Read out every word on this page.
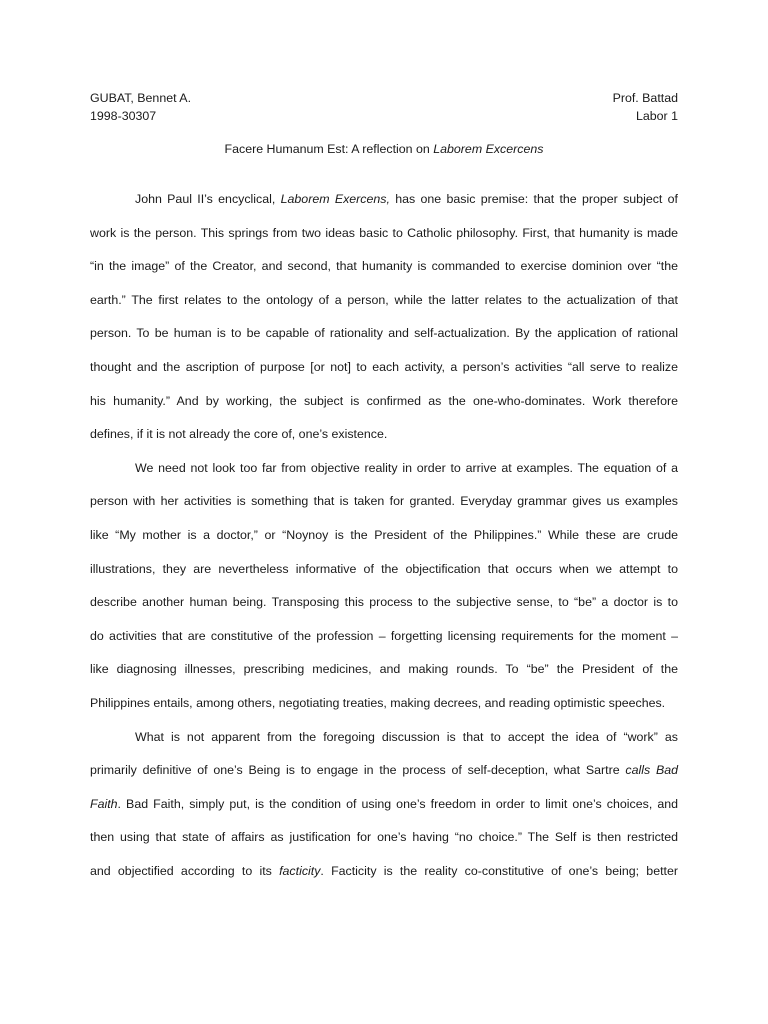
GUBAT, Bennet A.
1998-30307
Prof. Battad
Labor 1
Facere Humanum Est: A reflection on Laborem Excercens
John Paul II’s encyclical, Laborem Exercens, has one basic premise: that the proper subject of
work is the person. This springs from two ideas basic to Catholic philosophy. First, that humanity is made
“in the image” of the Creator, and second, that humanity is commanded to exercise dominion over “the
earth.” The first relates to the ontology of a person, while the latter relates to the actualization of that
person. To be human is to be capable of rationality and self-actualization. By the application of rational
thought and the ascription of purpose [or not] to each activity, a person’s activities “all serve to realize
his humanity.” And by working, the subject is confirmed as the one-who-dominates. Work therefore
defines, if it is not already the core of, one’s existence.
We need not look too far from objective reality in order to arrive at examples. The equation of a
person with her activities is something that is taken for granted. Everyday grammar gives us examples
like “My mother is a doctor,” or “Noynoy is the President of the Philippines.” While these are crude
illustrations, they are nevertheless informative of the objectification that occurs when we attempt to
describe another human being. Transposing this process to the subjective sense, to “be” a doctor is to
do activities that are constitutive of the profession – forgetting licensing requirements for the moment –
like diagnosing illnesses, prescribing medicines, and making rounds. To “be” the President of the
Philippines entails, among others, negotiating treaties, making decrees, and reading optimistic speeches.
What is not apparent from the foregoing discussion is that to accept the idea of “work” as
primarily definitive of one’s Being is to engage in the process of self-deception, what Sartre calls Bad
Faith. Bad Faith, simply put, is the condition of using one’s freedom in order to limit one’s choices, and
then using that state of affairs as justification for one’s having “no choice.” The Self is then restricted
and objectified according to its facticity. Facticity is the reality co-constitutive of one’s being; better
